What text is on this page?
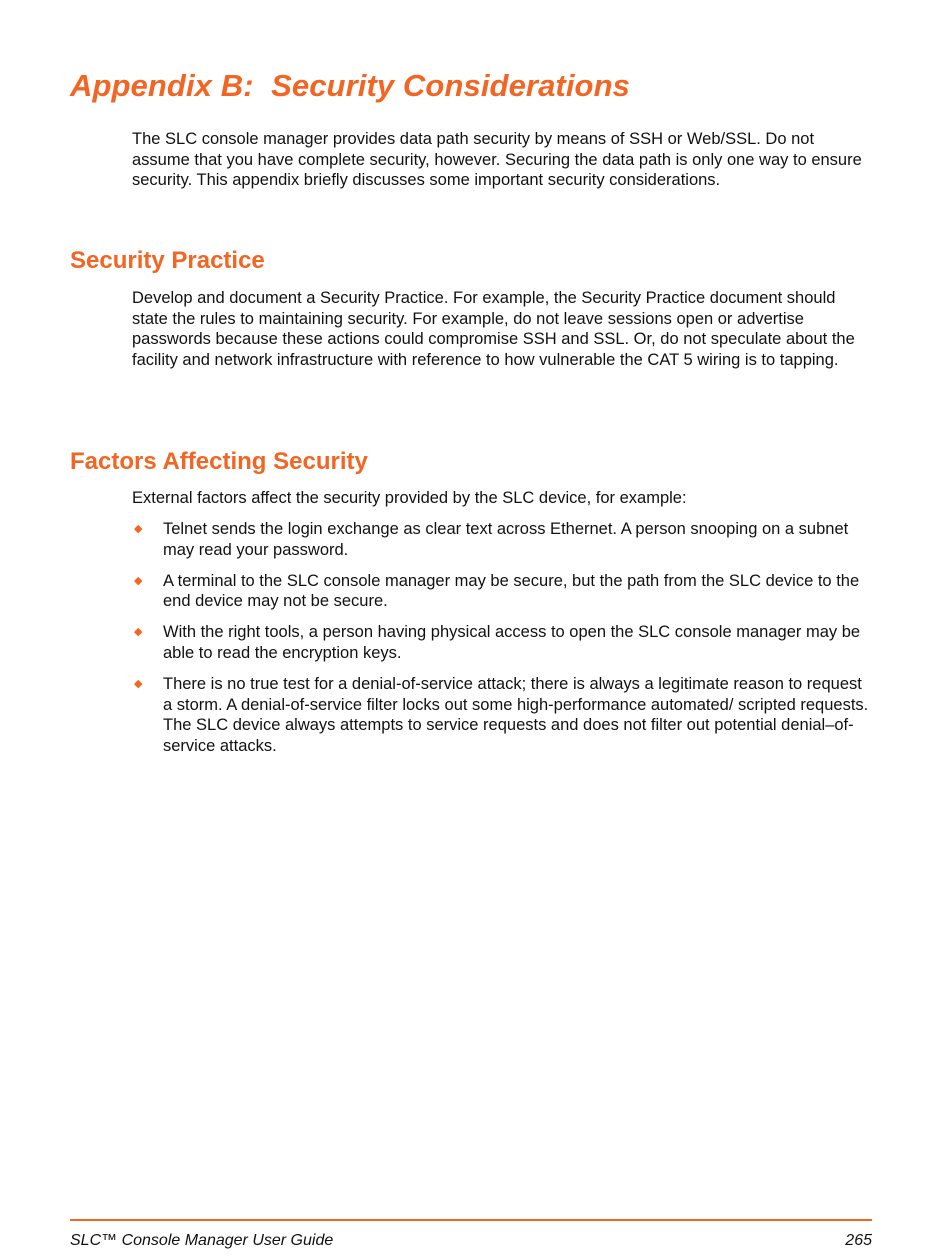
Appendix B:  Security Considerations

The SLC console manager provides data path security by means of SSH or Web/SSL. Do not assume that you have complete security, however. Securing the data path is only one way to ensure security. This appendix briefly discusses some important security considerations.

Security Practice

Develop and document a Security Practice. For example, the Security Practice document should state the rules to maintaining security. For example, do not leave sessions open or advertise passwords because these actions could compromise SSH and SSL. Or, do not speculate about the facility and network infrastructure with reference to how vulnerable the CAT 5 wiring is to tapping.

Factors Affecting Security

External factors affect the security provided by the SLC device, for example:

◆ Telnet sends the login exchange as clear text across Ethernet. A person snooping on a subnet may read your password.
◆ A terminal to the SLC console manager may be secure, but the path from the SLC device to the end device may not be secure.
◆ With the right tools, a person having physical access to open the SLC console manager may be able to read the encryption keys.
◆ There is no true test for a denial-of-service attack; there is always a legitimate reason to request a storm. A denial-of-service filter locks out some high-performance automated/ scripted requests. The SLC device always attempts to service requests and does not filter out potential denial–of-service attacks.
SLC™ Console Manager User Guide	265
